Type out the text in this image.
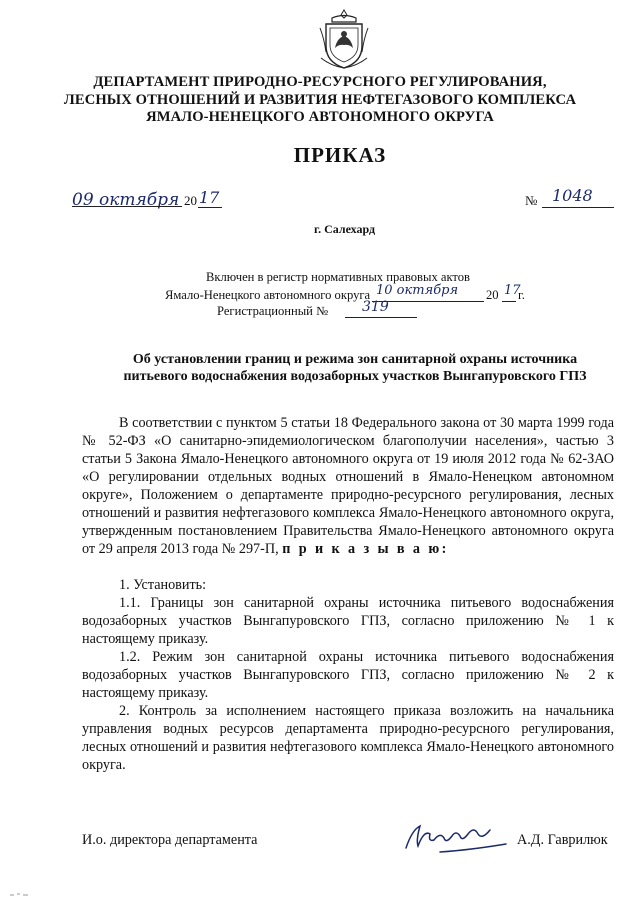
ДЕПАРТАМЕНТ ПРИРОДНО-РЕСУРСНОГО РЕГУЛИРОВАНИЯ,
ЛЕСНЫХ ОТНОШЕНИЙ И РАЗВИТИЯ НЕФТЕГАЗОВОГО КОМПЛЕКСА
ЯМАЛО-НЕНЕЦКОГО АВТОНОМНОГО ОКРУГА
ПРИКАЗ
09 октября 20 17	№ 1048
г. Салехард
Включен в регистр нормативных правовых актов
Ямало-Ненецкого автономного округа 10 октября 20 17
г.
Регистрационный № 319
Об установлении границ и режима зон санитарной охраны источника
питьевого водоснабжения водозаборных участков Вынгапуровского ГПЗ

В соответствии с пунктом 5 статьи 18 Федерального закона от 30 марта 1999 года № 52-ФЗ «О санитарно-эпидемиологическом благополучии населения», частью 3 статьи 5 Закона Ямало-Ненецкого автономного округа от 19 июля 2012 года № 62-ЗАО «О регулировании отдельных водных отношений в Ямало-Ненецком автономном округе», Положением о департаменте природно-ресурсного регулирования, лесных отношений и развития нефтегазового комплекса Ямало-Ненецкого автономного округа, утвержденным постановлением Правительства Ямало-Ненецкого автономного округа от 29 апреля 2013 года № 297-П, п р и к а з ы в а ю:

1. Установить:

1.1. Границы зон санитарной охраны источника питьевого водоснабжения водозаборных участков Вынгапуровского ГПЗ, согласно приложению № 1 к настоящему приказу.

1.2. Режим зон санитарной охраны источника питьевого водоснабжения водозаборных участков Вынгапуровского ГПЗ, согласно приложению № 2 к настоящему приказу.

2. Контроль за исполнением настоящего приказа возложить на начальника управления водных ресурсов департамента природно-ресурсного регулирования, лесных отношений и развития нефтегазового комплекса Ямало-Ненецкого автономного округа.

И.о. директора департамента	А.Д. Гаврилюк
